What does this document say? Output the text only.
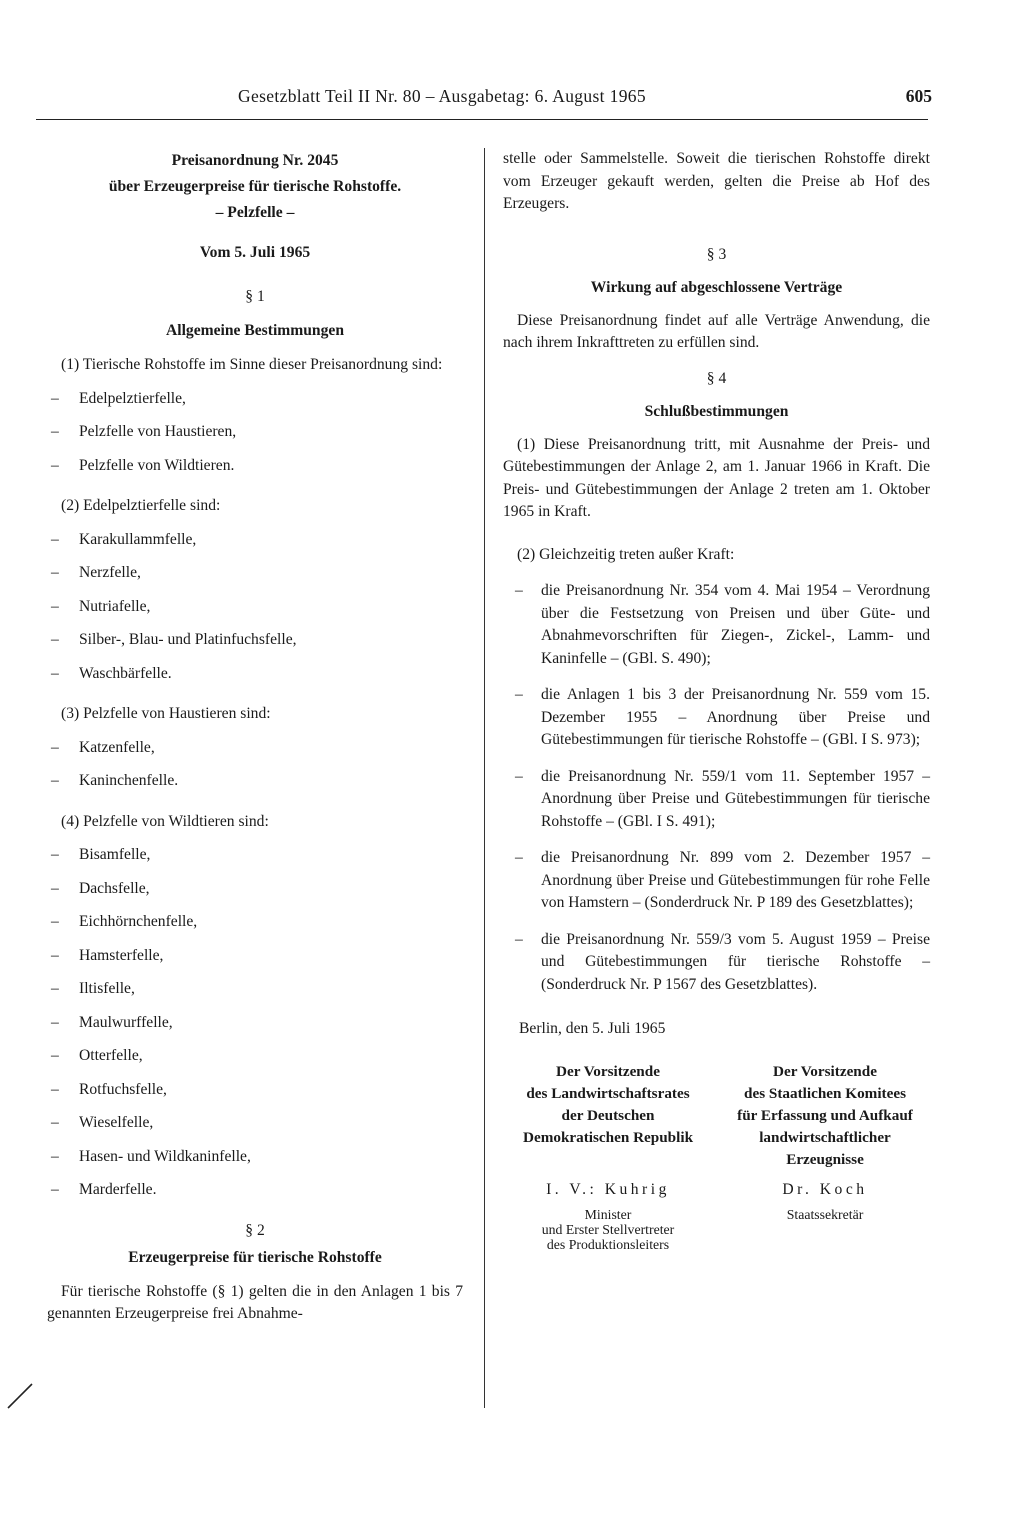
Gesetzblatt Teil II Nr. 80 – Ausgabetag: 6. August 1965	605
Preisanordnung Nr. 2045
über Erzeugerpreise für tierische Rohstoffe.
– Pelzfelle –
Vom 5. Juli 1965
§ 1
Allgemeine Bestimmungen
(1) Tierische Rohstoffe im Sinne dieser Preisanordnung sind:
– Edelpelztierfelle,
– Pelzfelle von Haustieren,
– Pelzfelle von Wildtieren.
(2) Edelpelztierfelle sind:
– Karakullammfelle,
– Nerzfelle,
– Nutriafelle,
– Silber-, Blau- und Platinfuchsfelle,
– Waschbärfelle.
(3) Pelzfelle von Haustieren sind:
– Katzenfelle,
– Kaninchenfelle.
(4) Pelzfelle von Wildtieren sind:
– Bisamfelle,
– Dachsfelle,
– Eichhörnchenfelle,
– Hamsterfelle,
– Iltisfelle,
– Maulwurffelle,
– Otterfelle,
– Rotfuchsfelle,
– Wieselfelle,
– Hasen- und Wildkaninfelle,
– Marderfelle.
§ 2
Erzeugerpreise für tierische Rohstoffe
Für tierische Rohstoffe (§ 1) gelten die in den Anlagen 1 bis 7 genannten Erzeugerpreise frei Abnahme-
stelle oder Sammelstelle. Soweit die tierischen Rohstoffe direkt vom Erzeuger gekauft werden, gelten die Preise ab Hof des Erzeugers.
§ 3
Wirkung auf abgeschlossene Verträge
Diese Preisanordnung findet auf alle Verträge Anwendung, die nach ihrem Inkrafttreten zu erfüllen sind.
§ 4
Schlußbestimmungen
(1) Diese Preisanordnung tritt, mit Ausnahme der Preis- und Gütebestimmungen der Anlage 2, am 1. Januar 1966 in Kraft. Die Preis- und Gütebestimmungen der Anlage 2 treten am 1. Oktober 1965 in Kraft.
(2) Gleichzeitig treten außer Kraft:
– die Preisanordnung Nr. 354 vom 4. Mai 1954 – Verordnung über die Festsetzung von Preisen und über Güte- und Abnahmevorschriften für Ziegen-, Zickel-, Lamm- und Kaninfelle – (GBl. S. 490);
– die Anlagen 1 bis 3 der Preisanordnung Nr. 559 vom 15. Dezember 1955 – Anordnung über Preise und Gütebestimmungen für tierische Rohstoffe – (GBl. I S. 973);
– die Preisanordnung Nr. 559/1 vom 11. September 1957 – Anordnung über Preise und Gütebestimmungen für tierische Rohstoffe – (GBl. I S. 491);
– die Preisanordnung Nr. 899 vom 2. Dezember 1957 – Anordnung über Preise und Gütebestimmungen für rohe Felle von Hamstern – (Sonderdruck Nr. P 189 des Gesetzblattes);
– die Preisanordnung Nr. 559/3 vom 5. August 1959 – Preise und Gütebestimmungen für tierische Rohstoffe – (Sonderdruck Nr. P 1567 des Gesetzblattes).
Berlin, den 5. Juli 1965
Der Vorsitzende
des Landwirtschaftsrates
der Deutschen
Demokratischen Republik
I. V.: Kuhrig
Minister
und Erster Stellvertreter
des Produktionsleiters
Der Vorsitzende
des Staatlichen Komitees
für Erfassung und Aufkauf
landwirtschaftlicher
Erzeugnisse
Dr. Koch
Staatssekretär
